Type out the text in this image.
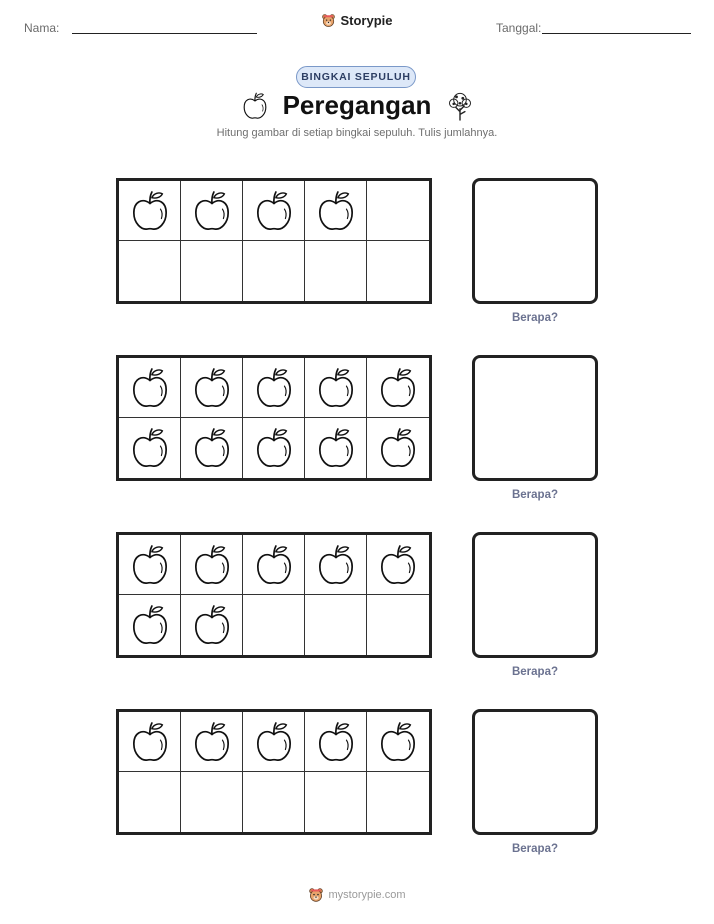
Nama:	Storypie	Tanggal:
BINGKAI SEPULUH
Peregangan
Hitung gambar di setiap bingkai sepuluh. Tulis jumlahnya.
Berapa?
Berapa?
Berapa?
Berapa?
mystorypie.com
